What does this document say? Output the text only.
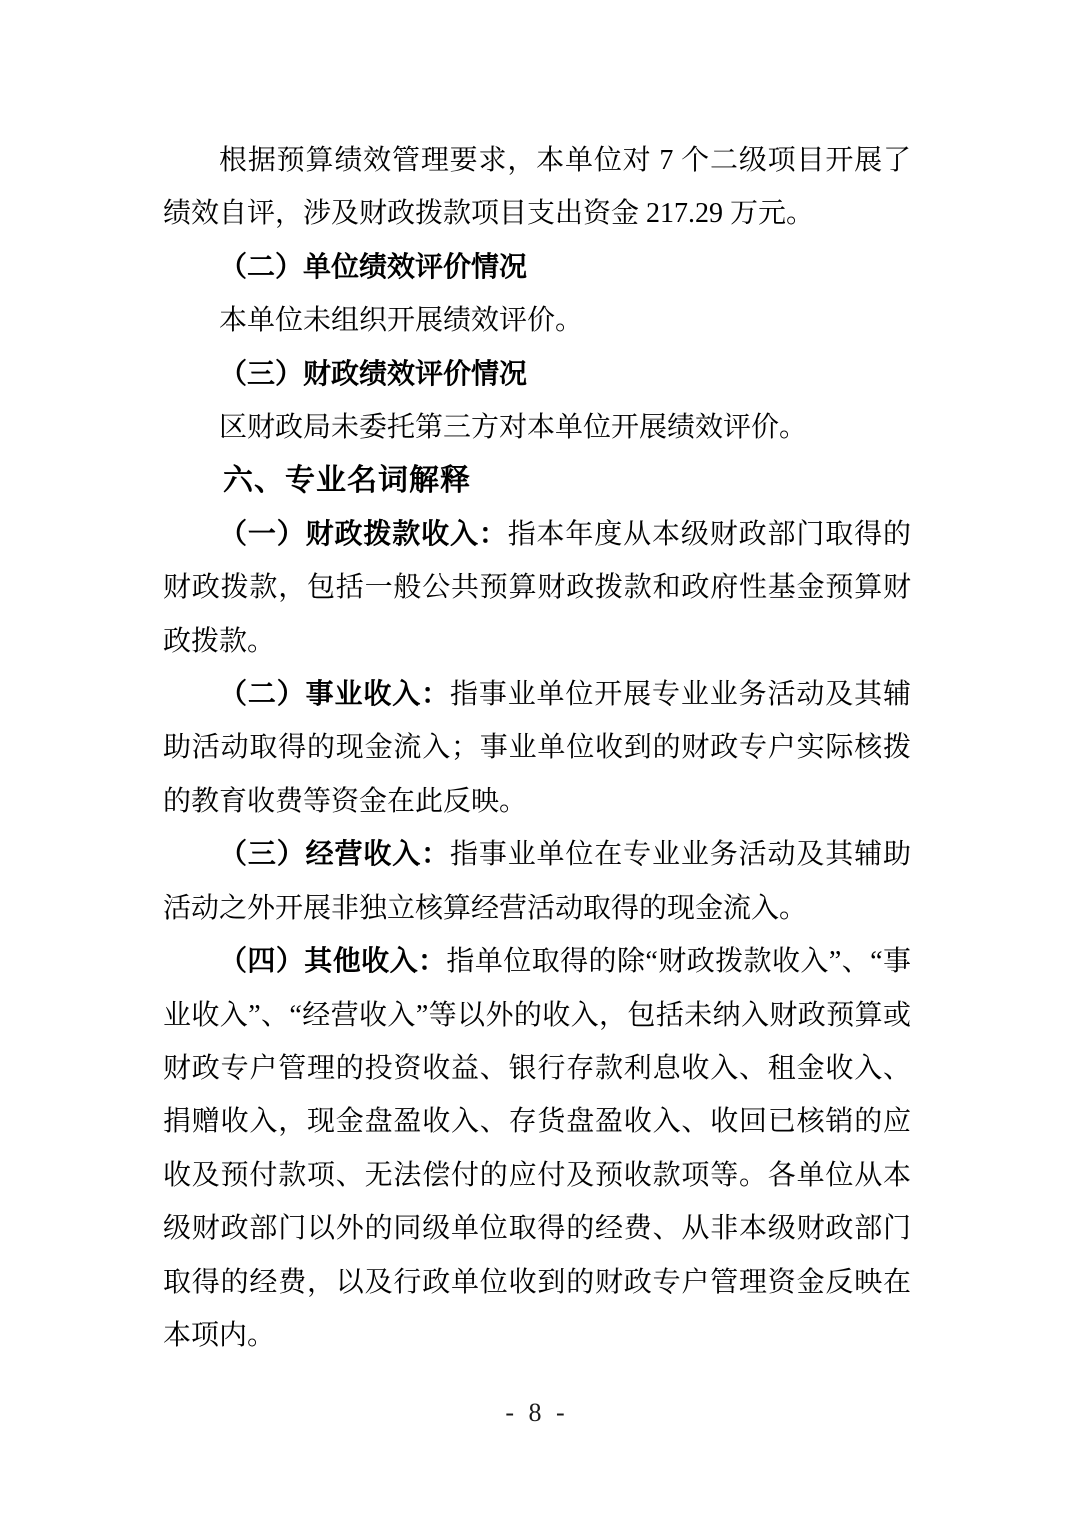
根据预算绩效管理要求，本单位对 7 个二级项目开展了绩效自评，涉及财政拨款项目支出资金 217.29 万元。

（二）单位绩效评价情况

本单位未组织开展绩效评价。

（三）财政绩效评价情况

区财政局未委托第三方对本单位开展绩效评价。

六、专业名词解释

（一）财政拨款收入：指本年度从本级财政部门取得的财政拨款，包括一般公共预算财政拨款和政府性基金预算财政拨款。

（二）事业收入：指事业单位开展专业业务活动及其辅助活动取得的现金流入；事业单位收到的财政专户实际核拨的教育收费等资金在此反映。

（三）经营收入：指事业单位在专业业务活动及其辅助活动之外开展非独立核算经营活动取得的现金流入。

（四）其他收入：指单位取得的除“财政拨款收入”、“事业收入”、“经营收入”等以外的收入，包括未纳入财政预算或财政专户管理的投资收益、银行存款利息收入、租金收入、捐赠收入，现金盘盈收入、存货盘盈收入、收回已核销的应收及预付款项、无法偿付的应付及预收款项等。各单位从本级财政部门以外的同级单位取得的经费、从非本级财政部门取得的经费，以及行政单位收到的财政专户管理资金反映在本项内。

- 8 -
